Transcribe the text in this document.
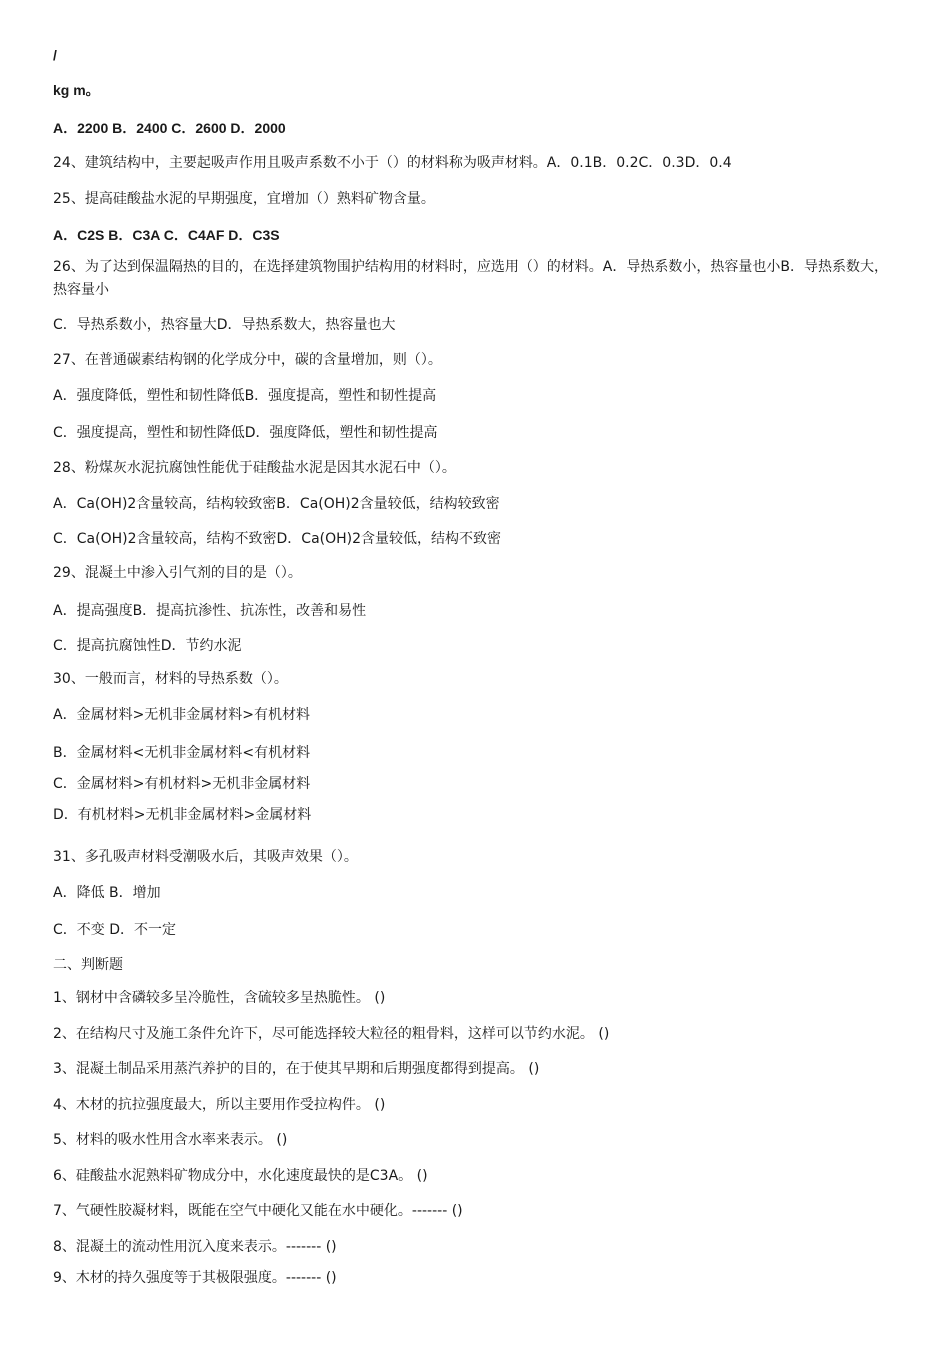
/
kg m。
A．2200 B．2400 C．2600 D．2000
24、建筑结构中，主要起吸声作用且吸声系数不小于（）的材料称为吸声材料。A．0.1B．0.2C．0.3D．0.4
25、提高硅酸盐水泥的早期强度，宜增加（）熟料矿物含量。
A．C2S B．C3A C．C4AF D．C3S
26、为了达到保温隔热的目的，在选择建筑物围护结构用的材料时，应选用（）的材料。A．导热系数小，热容量也小B．导热系数大，热容量小
C．导热系数小，热容量大D．导热系数大，热容量也大
27、在普通碳素结构钢的化学成分中，碳的含量增加，则（）。
A．强度降低，塑性和韧性降低B．强度提高，塑性和韧性提高
C．强度提高，塑性和韧性降低D．强度降低，塑性和韧性提高
28、粉煤灰水泥抗腐蚀性能优于硅酸盐水泥是因其水泥石中（）。
A．Ca(OH)2含量较高，结构较致密B．Ca(OH)2含量较低，结构较致密
C．Ca(OH)2含量较高，结构不致密D．Ca(OH)2含量较低，结构不致密
29、混凝土中渗入引气剂的目的是（）。
A．提高强度B．提高抗渗性、抗冻性，改善和易性
C．提高抗腐蚀性D．节约水泥
30、一般而言，材料的导热系数（）。
A．金属材料>无机非金属材料>有机材料
B．金属材料<无机非金属材料<有机材料
C．金属材料>有机材料>无机非金属材料
D．有机材料>无机非金属材料>金属材料
31、多孔吸声材料受潮吸水后，其吸声效果（）。
A．降低 B．增加
C．不变 D．不一定
二、判断题
1、钢材中含磷较多呈冷脆性，含硫较多呈热脆性。 ()
2、在结构尺寸及施工条件允许下，尽可能选择较大粒径的粗骨料，这样可以节约水泥。 ()
3、混凝土制品采用蒸汽养护的目的，在于使其早期和后期强度都得到提高。 ()
4、木材的抗拉强度最大，所以主要用作受拉构件。 ()
5、材料的吸水性用含水率来表示。 ()
6、硅酸盐水泥熟料矿物成分中，水化速度最快的是C3A。 ()
7、气硬性胶凝材料，既能在空气中硬化又能在水中硬化。------- ()
8、混凝土的流动性用沉入度来表示。------- ()
9、木材的持久强度等于其极限强度。------- ()
